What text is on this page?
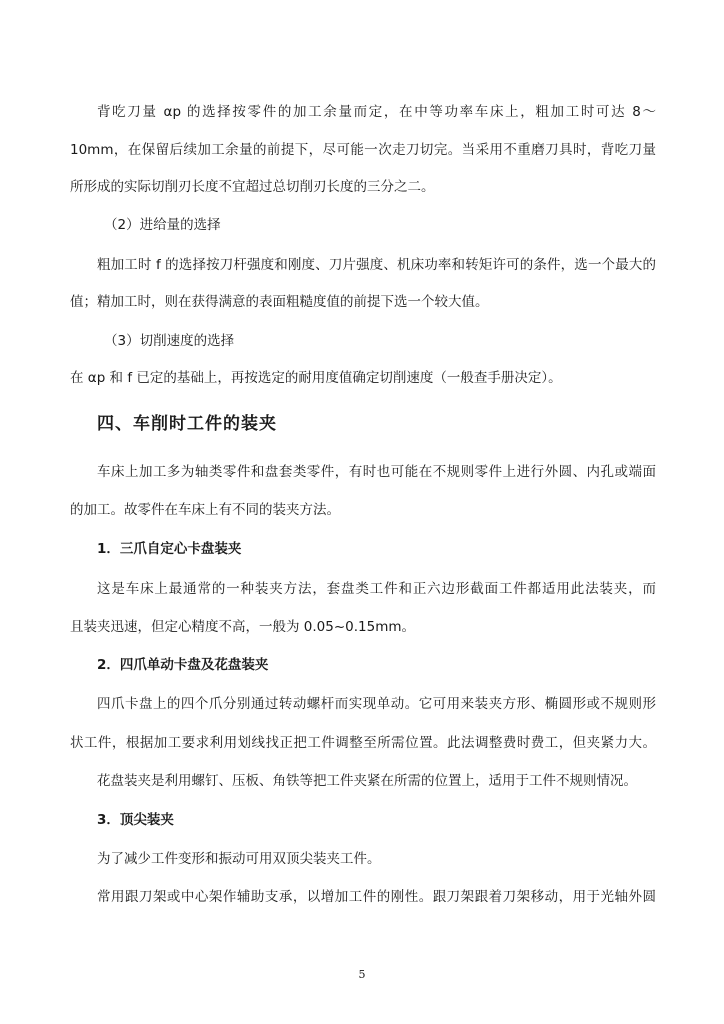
背吃刀量 αp 的选择按零件的加工余量而定，在中等功率车床上，粗加工时可达 8～
10mm，在保留后续加工余量的前提下，尽可能一次走刀切完。当采用不重磨刀具时，背吃刀量
所形成的实际切削刃长度不宜超过总切削刃长度的三分之二。
（2）进给量的选择
粗加工时 f 的选择按刀杆强度和刚度、刀片强度、机床功率和转矩许可的条件，选一个最大的
值；精加工时，则在获得满意的表面粗糙度值的前提下选一个较大值。
（3）切削速度的选择
在 αp 和 f 已定的基础上，再按选定的耐用度值确定切削速度（一般查手册决定）。
四、车削时工件的装夹
车床上加工多为轴类零件和盘套类零件，有时也可能在不规则零件上进行外圆、内孔或端面
的加工。故零件在车床上有不同的装夹方法。
1．三爪自定心卡盘装夹
这是车床上最通常的一种装夹方法，套盘类工件和正六边形截面工件都适用此法装夹，而
且装夹迅速，但定心精度不高，一般为 0.05~0.15mm。
2．四爪单动卡盘及花盘装夹
四爪卡盘上的四个爪分别通过转动螺杆而实现单动。它可用来装夹方形、椭圆形或不规则形
状工件，根据加工要求利用划线找正把工件调整至所需位置。此法调整费时费工，但夹紧力大。
花盘装夹是利用螺钉、压板、角铁等把工件夹紧在所需的位置上，适用于工件不规则情况。
3．顶尖装夹
为了减少工件变形和振动可用双顶尖装夹工件。
常用跟刀架或中心架作辅助支承，以增加工件的刚性。跟刀架跟着刀架移动，用于光轴外圆
5
